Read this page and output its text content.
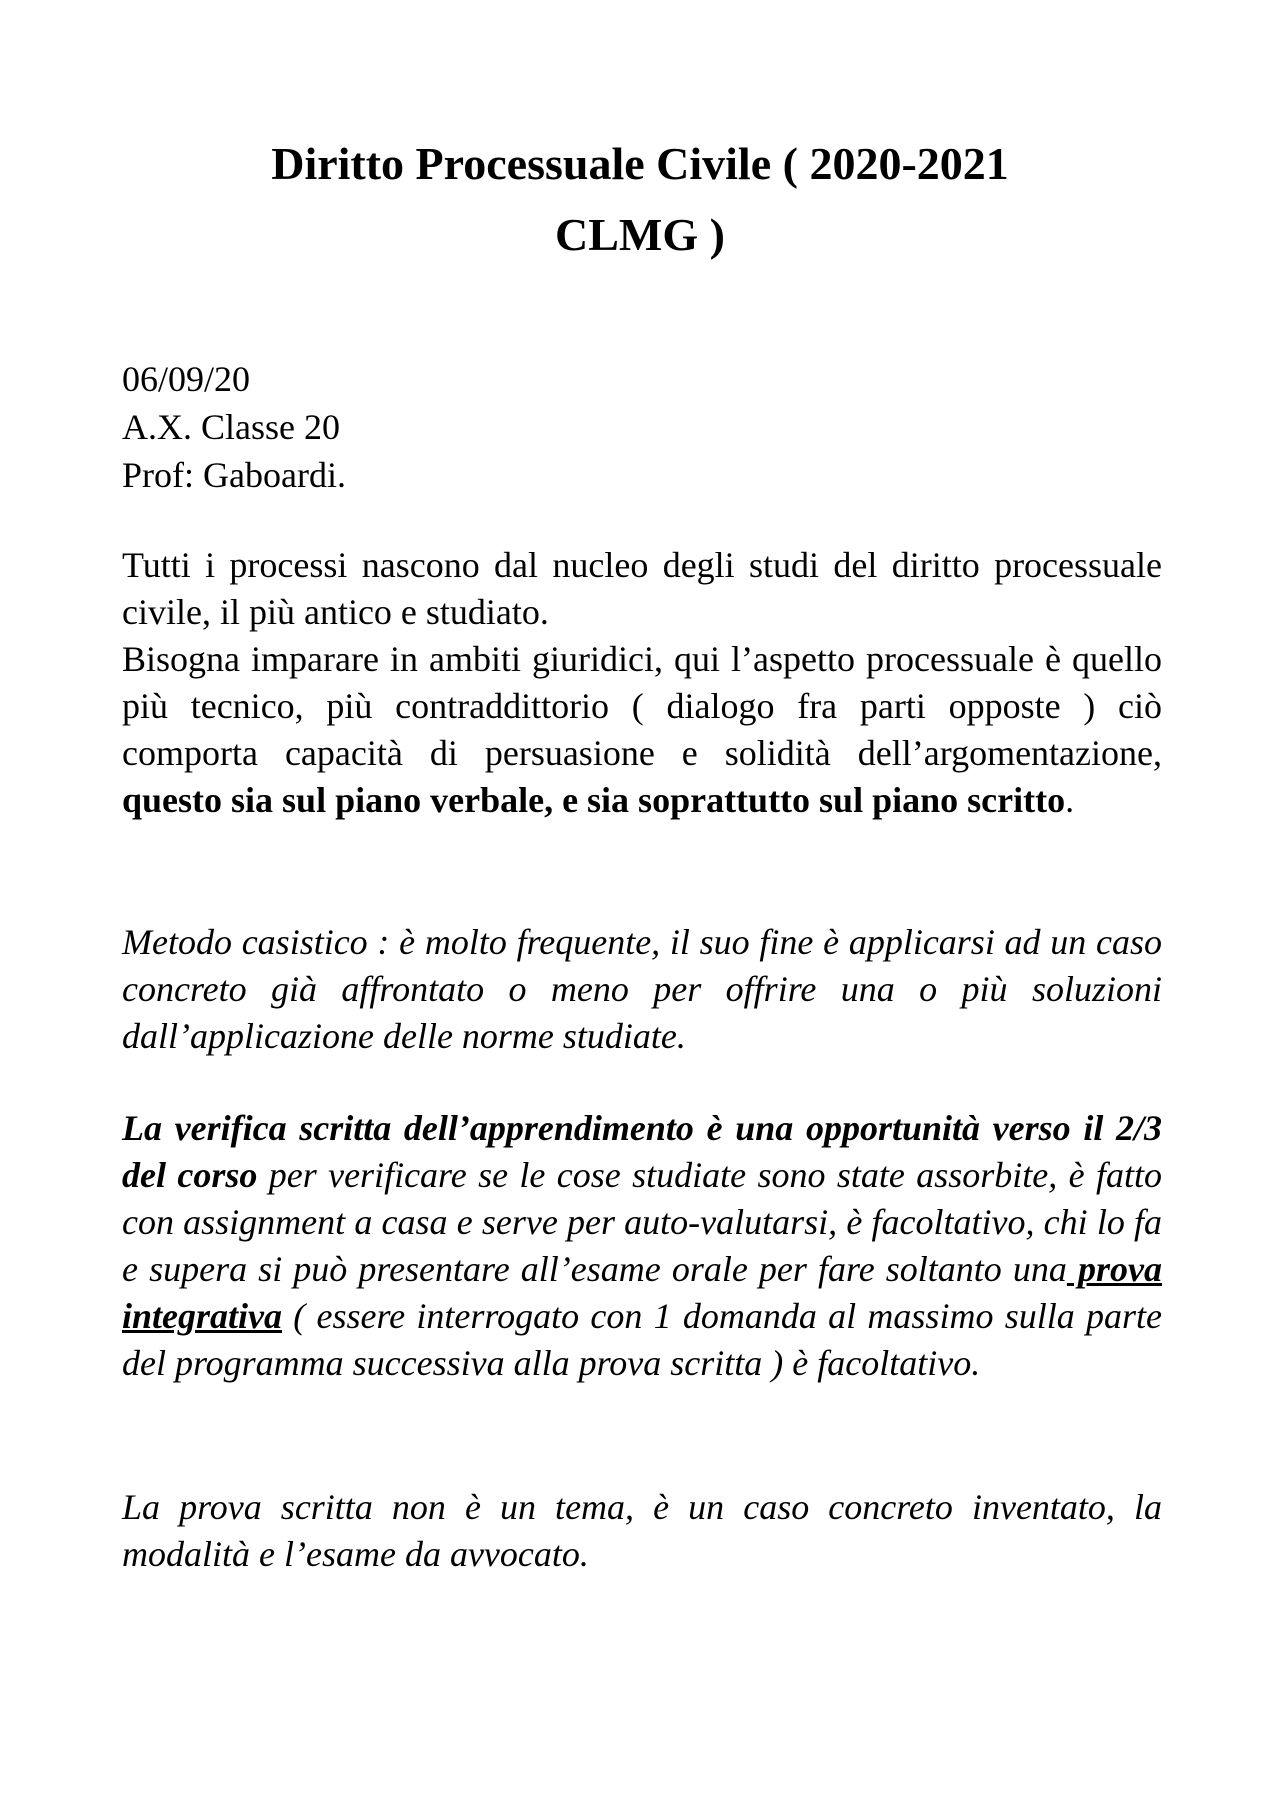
Diritto Processuale Civile ( 2020-2021
CLMG )
06/09/20
A.X. Classe 20
Prof: Gaboardi.

Tutti i processi nascono dal nucleo degli studi del diritto processuale civile, il più antico e studiato.
Bisogna imparare in ambiti giuridici, qui l’aspetto processuale è quello più tecnico, più contraddittorio ( dialogo fra parti opposte ) ciò comporta capacità di persuasione e solidità dell’argomentazione, questo sia sul piano verbale, e sia soprattutto sul piano scritto.

Metodo casistico : è molto frequente, il suo fine è applicarsi ad un caso concreto già affrontato o meno per offrire una o più soluzioni dall’applicazione delle norme studiate.

La verifica scritta dell’apprendimento è una opportunità verso il 2/3 del corso per verificare se le cose studiate sono state assorbite, è fatto con assignment a casa e serve per auto-valutarsi, è facoltativo, chi lo fa e supera si può presentare all’esame orale per fare soltanto una prova integrativa ( essere interrogato con 1 domanda al massimo sulla parte del programma successiva alla prova scritta ) è facoltativo.

La prova scritta non è un tema, è un caso concreto inventato, la modalità e l’esame da avvocato.
